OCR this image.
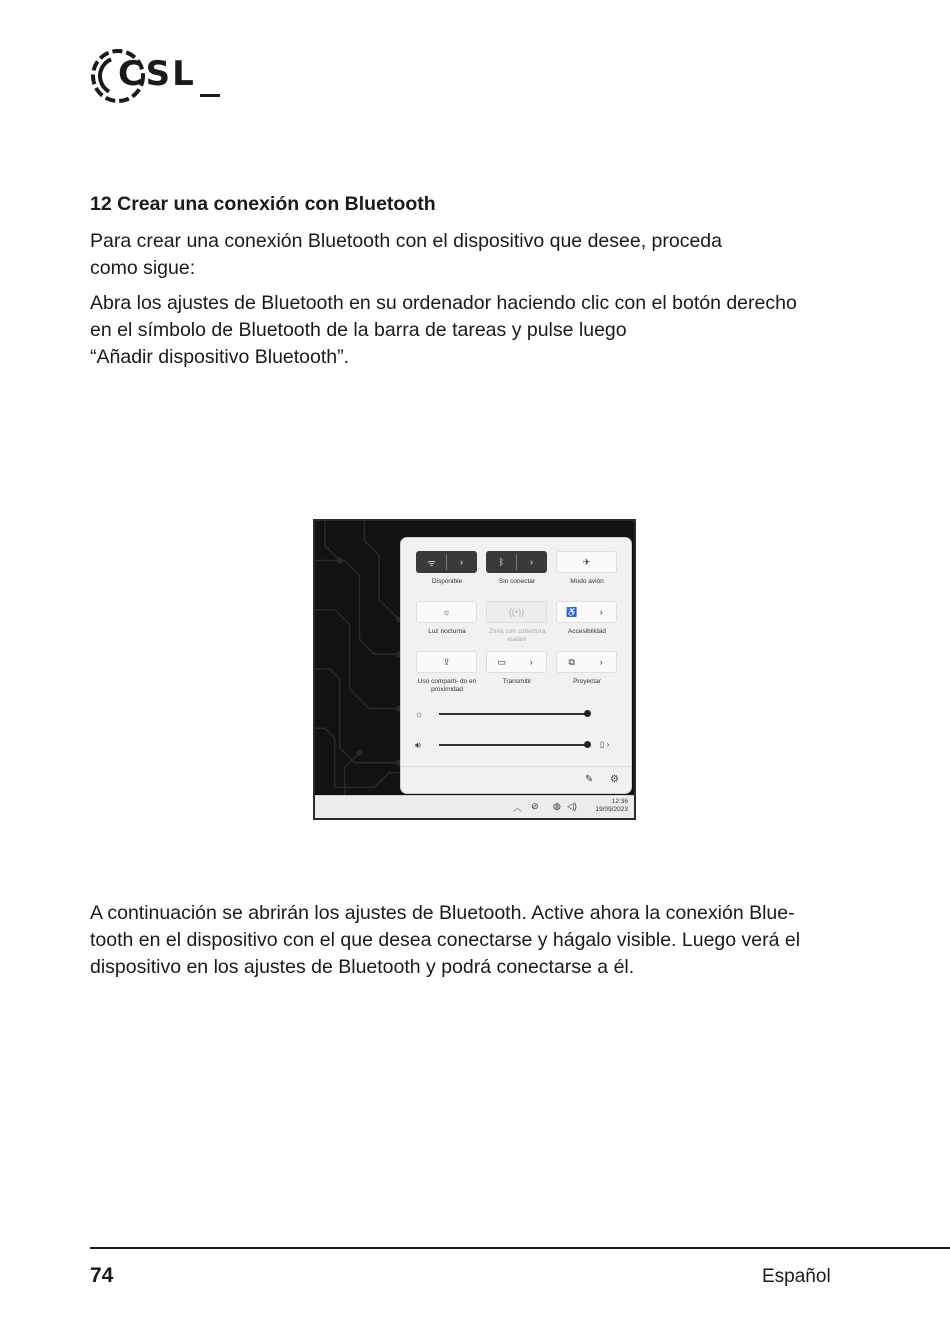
CSL
12 Crear una conexión con Bluetooth

Para crear una conexión Bluetooth con el dispositivo que desee, proceda

como sigue:

Abra los ajustes de Bluetooth en su ordenador haciendo clic con el botón derecho

en el símbolo de Bluetooth de la barra de tareas y pulse luego

“Añadir dispositivo Bluetooth”.

ᯤ	›
Disponible
ᛒ	›
Sin conectar
✈
Modo avión
☼
Luz nocturna
((•))
Zona con cobertura inalám
♿	›
Accesibilidad
⇪
Uso comparti- do en proximidad
▭	›
Transmitir
⧉	›
Proyectar
☼
🔊︎	▯ ›
✎ ⚙
︿ ⊘ ◍ ◁)	12:36
19/09/2023

A continuación se abrirán los ajustes de Bluetooth. Active ahora la conexión Blue-

tooth en el dispositivo con el que desea conectarse y hágalo visible. Luego verá el

dispositivo en los ajustes de Bluetooth y podrá conectarse a él.

74	Español
